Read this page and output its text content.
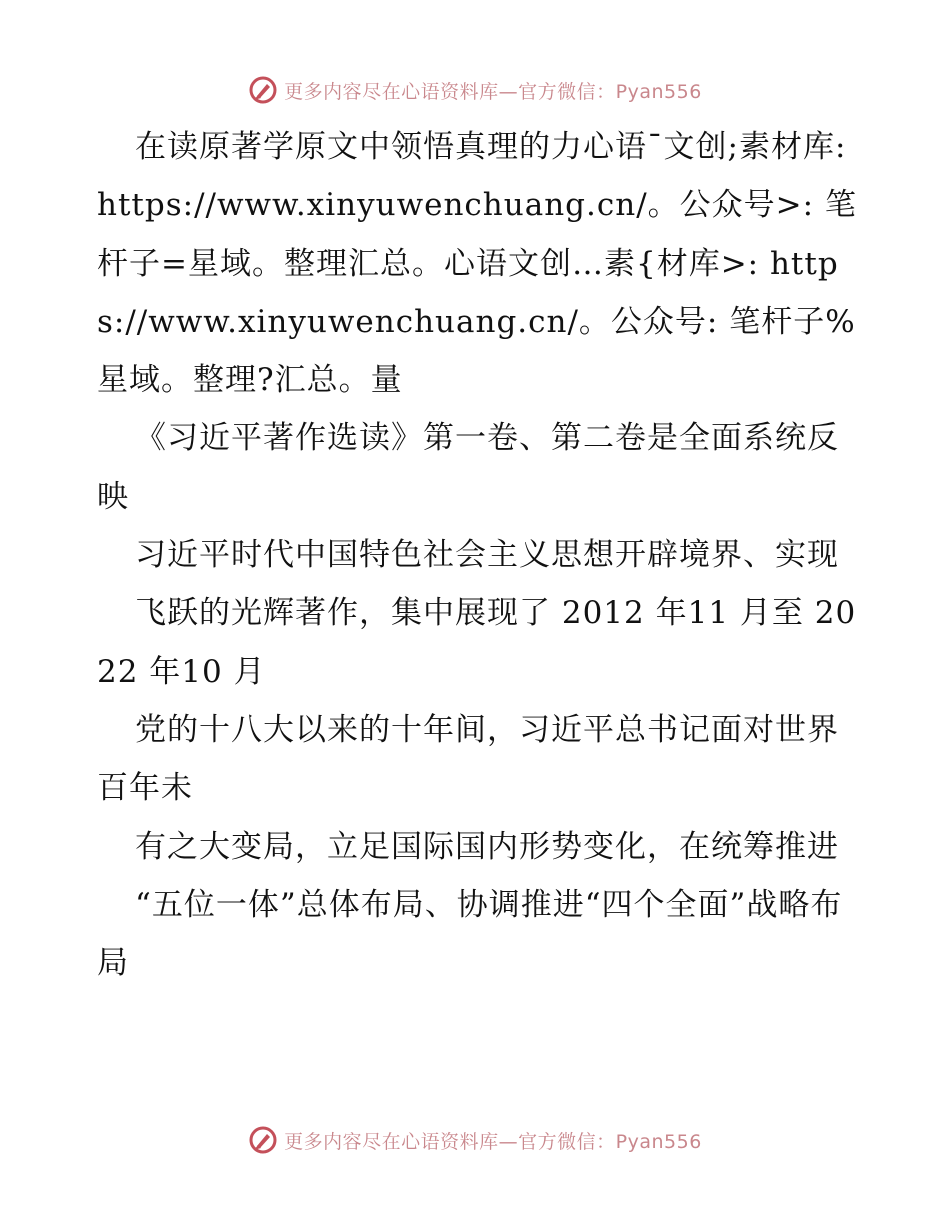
更多内容尽在心语资料库—官方微信：Pyan556

在读原著学原文中领悟真理的力心语¯文创;素材库: https://www.xinyuwenchuang.cn/。公众号>: 笔杆子=星域。整理汇总。心语文创…素{材库>: https://www.xinyuwenchuang.cn/。公众号: 笔杆子%星域。整理?汇总。量

《习近平著作选读》第一卷、第二卷是全面系统反映

习近平时代中国特色社会主义思想开辟境界、实现

飞跃的光辉著作，集中展现了 2012 年11 月至 2022 年10 月

党的十八大以来的十年间，习近平总书记面对世界百年未

有之大变局，立足国际国内形势变化，在统筹推进

“五位一体”总体布局、协调推进“四个全面”战略布局

更多内容尽在心语资料库—官方微信：Pyan556
